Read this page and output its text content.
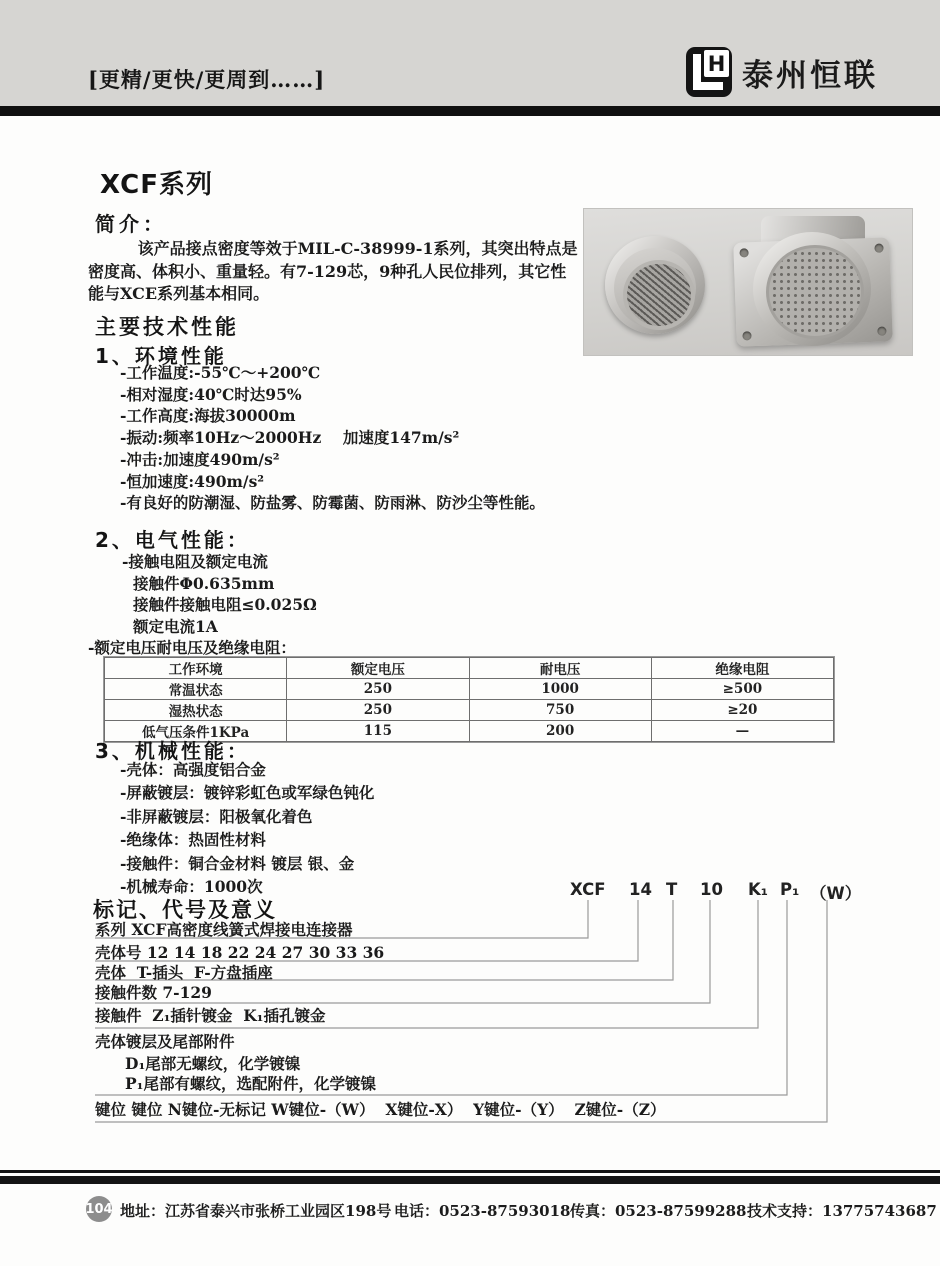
[更精/更快/更周到……]
H 泰州恒联
XCF系列
简介：

该产品接点密度等效于MIL-C-38999-1系列，其突出特点是密度高、体积小、重量轻。有7-129芯，9种孔人民位排列，其它性能与XCE系列基本相同。

主要技术性能
1、环境性能
-工作温度:-55℃～+200℃
-相对湿度:40℃时达95%
-工作高度:海拔30000m
-振动:频率10Hz～2000Hz    加速度147m/s²
-冲击:加速度490m/s²
-恒加速度:490m/s²
-有良好的防潮湿、防盐雾、防霉菌、防雨淋、防沙尘等性能。
2、电气性能：
-接触电阻及额定电流
接触件Φ0.635mm
接触件接触电阻≤0.025Ω
额定电流1A
-额定电压耐电压及绝缘电阻：
工作环境	额定电压	耐电压	绝缘电阻
常温状态	250	1000	≥500
湿热状态	250	750	≥20
低气压条件1KPa	115	200	—
3、机械性能：
-壳体：高强度铝合金
-屏蔽镀层：镀锌彩虹色或军绿色钝化
-非屏蔽镀层：阳极氧化着色
-绝缘体：热固性材料
-接触件：铜合金材料 镀层 银、金
-机械寿命：1000次	XCF 14 T 10 K₁ P₁ （W）
标记、代号及意义
系列 XCF高密度线簧式焊接电连接器
壳体号 12 14 18 22 24 27 30 33 36
壳体  T-插头  F-方盘插座
接触件数 7-129
接触件  Z₁插针镀金  K₁插孔镀金
壳体镀层及尾部附件
D₁尾部无螺纹，化学镀镍
P₁尾部有螺纹，选配附件，化学镀镍
键位 键位 N键位-无标记 W键位-（W）  X键位-X）  Y键位-（Y）  Z键位-（Z）
104 地址：江苏省泰兴市张桥工业园区198号 电话：0523-87593018 传真：0523-87599288 技术支持：13775743687
